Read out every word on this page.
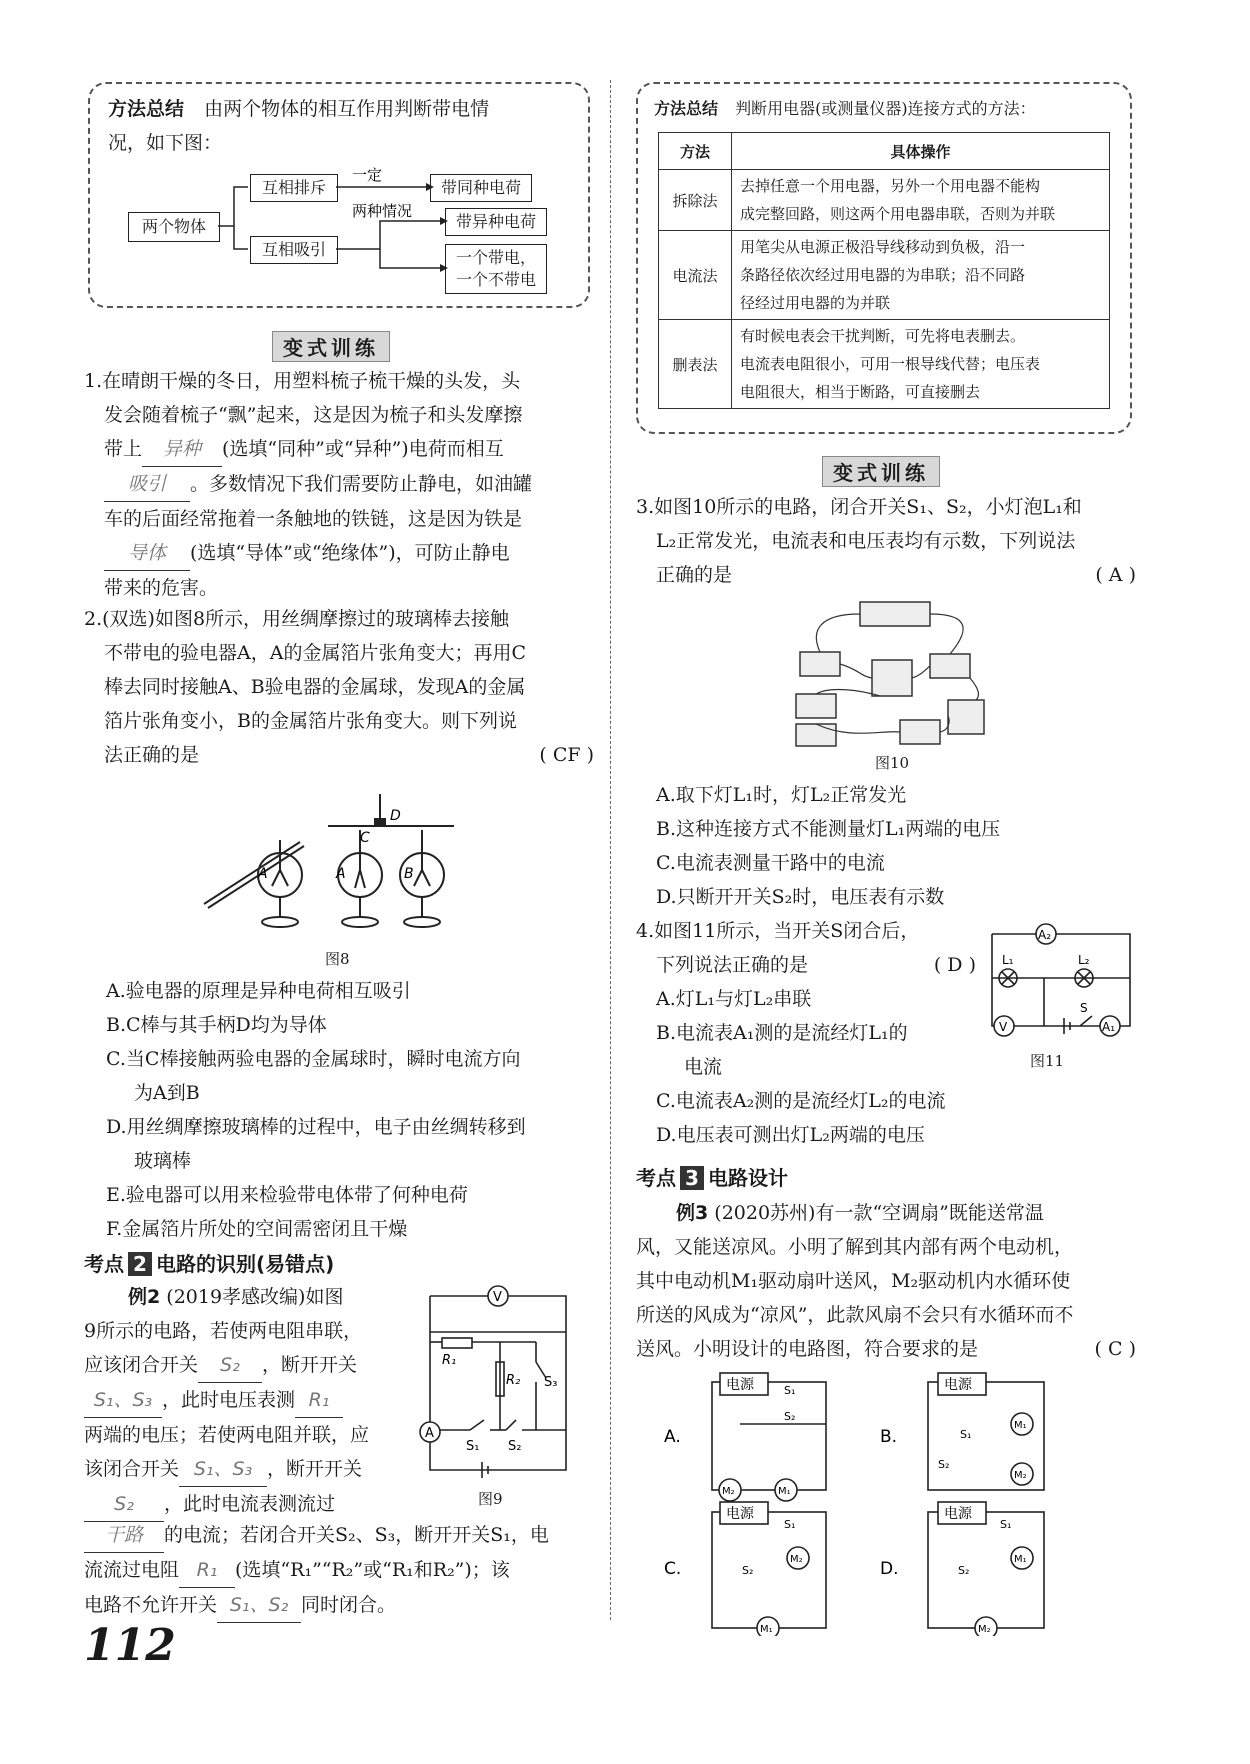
方法总结 由两个物体的相互作用判断带电情
况，如下图：
两个物体
互相排斥
互相吸引
带同种电荷
带异种电荷
一个带电，
一个不带电
一定
两种情况
变式训练
1.在晴朗干燥的冬日，用塑料梳子梳干燥的头发，头
发会随着梳子“飘”起来，这是因为梳子和头发摩擦
带上 异种 (选填“同种”或“异种”)电荷而相互
吸引 。多数情况下我们需要防止静电，如油罐
车的后面经常拖着一条触地的铁链，这是因为铁是
导体 (选填“导体”或“绝缘体”)，可防止静电
带来的危害。
2.(双选)如图8所示，用丝绸摩擦过的玻璃棒去接触
不带电的验电器A，A的金属箔片张角变大；再用C
棒去同时接触A、B验电器的金属球，发现A的金属
箔片张角变小，B的金属箔片张角变大。则下列说
法正确的是	( CF )
A	A	B
C
D
图8
A.验电器的原理是异种电荷相互吸引
B.C棒与其手柄D均为导体
C.当C棒接触两验电器的金属球时，瞬时电流方向
为A到B
D.用丝绸摩擦玻璃棒的过程中，电子由丝绸转移到
玻璃棒
E.验电器可以用来检验带电体带了何种电荷
F.金属箔片所处的空间需密闭且干燥
考点 2 电路的识别(易错点)
例2 (2019孝感改编)如图
9所示的电路，若使两电阻串联，
应该闭合开关 S₂ ，断开开关
S₁、S₃ ，此时电压表测 R₁
两端的电压；若使两电阻并联，应
该闭合开关 S₁、S₃ ，断开开关
S₂ ，此时电流表测流过
干路 的电流；若闭合开关S₂、S₃，断开开关S₁，电
流流过电阻 R₁ (选填“R₁”“R₂”或“R₁和R₂”)；该
电路不允许开关 S₁、S₂ 同时闭合。
V
A
R₁
R₂
S₁ S₂
S₃
图9
112
方法总结 判断用电器(或测量仪器)连接方式的方法：
方法	具体操作
拆除法	去掉任意一个用电器，另外一个用电器不能构
成完整回路，则这两个用电器串联，否则为并联

电流法	用笔尖从电源正极沿导线移动到负极，沿一
条路径依次经过用电器的为串联；沿不同路
径经过用电器的为并联

删表法	有时候电表会干扰判断，可先将电表删去。
电流表电阻很小，可用一根导线代替；电压表
电阻很大，相当于断路，可直接删去
变式训练
3.如图10所示的电路，闭合开关S₁、S₂，小灯泡L₁和
L₂正常发光，电流表和电压表均有示数，下列说法
正确的是	( A )
图10
A.取下灯L₁时，灯L₂正常发光
B.这种连接方式不能测量灯L₁两端的电压
C.电流表测量干路中的电流
D.只断开开关S₂时，电压表有示数
4.如图11所示，当开关S闭合后，
下列说法正确的是	( D )
A.灯L₁与灯L₂串联
B.电流表A₁测的是流经灯L₁的
电流
C.电流表A₂测的是流经灯L₂的电流
D.电压表可测出灯L₂两端的电压
A₂
V	A₁
L₁	L₂
S
图11
考点 3 电路设计
例3 (2020苏州)有一款“空调扇”既能送常温
风，又能送凉风。小明了解到其内部有两个电动机，
其中电动机M₁驱动扇叶送风，M₂驱动机内水循环使
所送的风成为“凉风”，此款风扇不会只有水循环而不
送风。小明设计的电路图，符合要求的是	( C )
A.	B.
C.	D.
电源	电源
电源	电源
S₁
S₂
M₂	M₁
S₁
S₂
M₁
M₂
S₁
S₂
M₂
M₁
S₁
S₂
M₁
M₂
